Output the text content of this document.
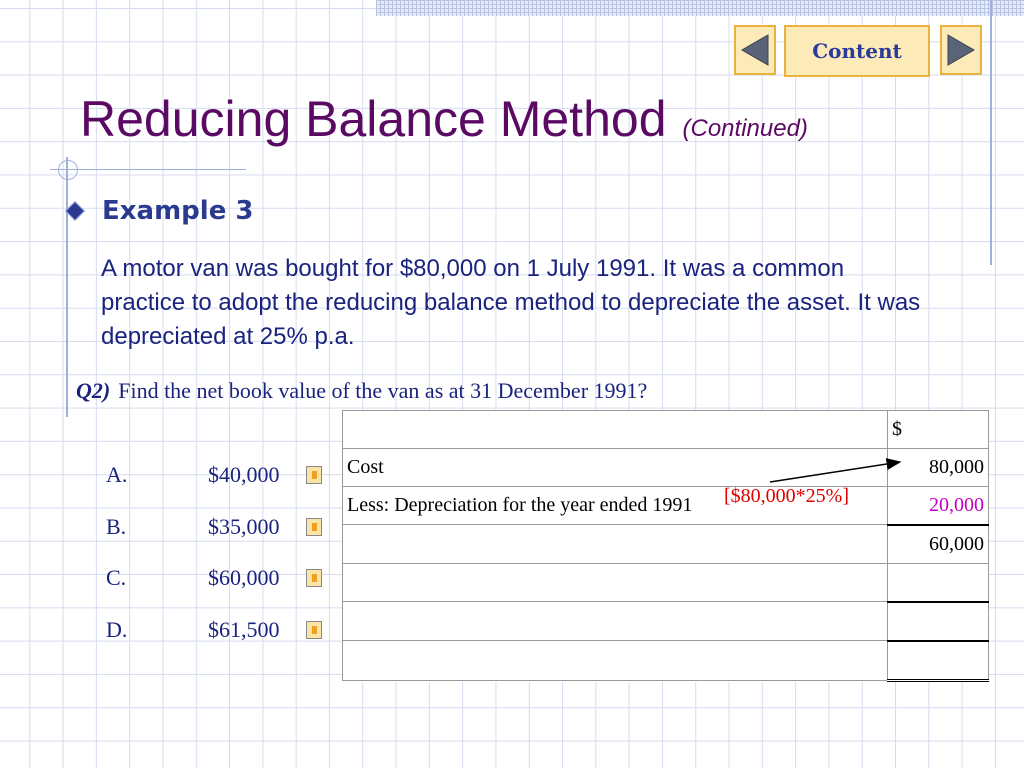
Content
Reducing Balance Method (Continued)
Example 3
A motor van was bought for $80,000 on 1 July 1991. It was a common practice to adopt the reducing balance method to depreciate the asset. It was depreciated at 25% p.a.
Q2) Find the net book value of the van as at 31 December 1991?
A.	$40,000
B.	$35,000
C.	$60,000
D.	$61,500
	$
Cost	80,000
Less: Depreciation for the year ended 1991	20,000
	60,000

[$80,000*25%]
